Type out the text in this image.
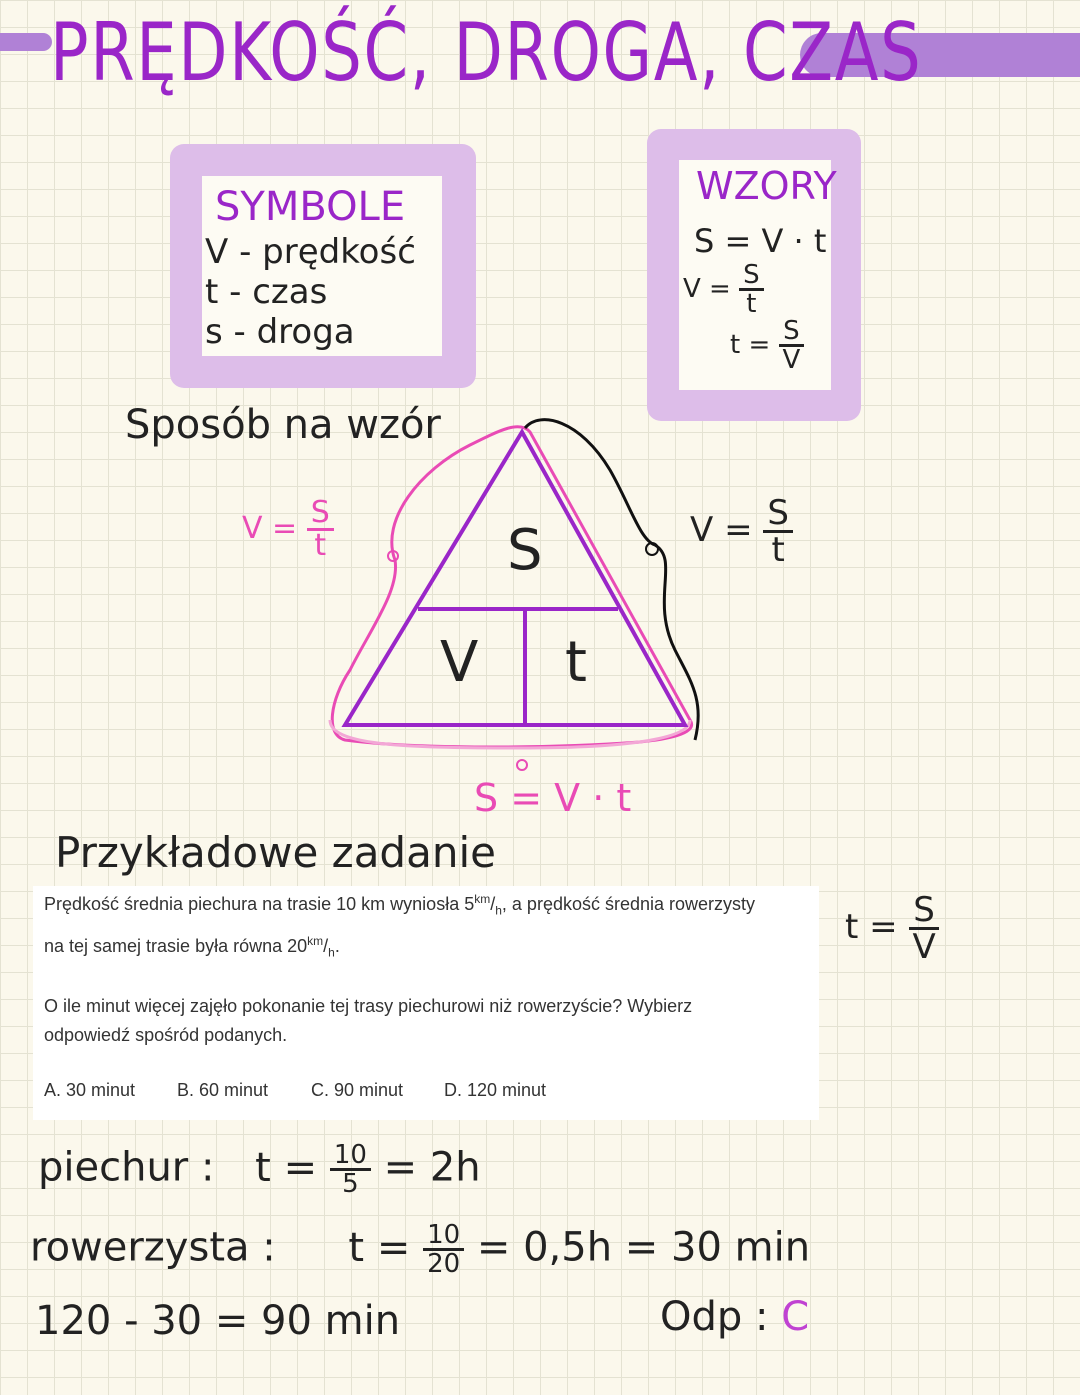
PRĘDKOŚĆ, DROGA, CZAS
SYMBOLE
V - prędkość
t - czas
s - droga
WZORY
S = V · t
$V = \frac{S}{t}$
$t = \frac{S}{V}$
Sposób na wzór
S
V t
$V = \frac{S}{t}$	$V = \frac{S}{t}$
S = V · t
Przykładowe zadanie
Prędkość średnia piechura na trasie 10 km wyniosła $5^{km}/_h$, a prędkość średnia rowerzysty
na tej samej trasie była równa $20^{km}/_h$.
O ile minut więcej zajęło pokonanie tej trasy piechurowi niż rowerzyście? Wybierz
odpowiedź spośród podanych.
A. 30 minut B. 60 minut C. 90 minut D. 120 minut
$t = \frac{S}{V}$
piechur : $t = \frac{10}{5} = 2h$
rowerzysta : $t = \frac{10}{20} = 0,5h = 30$ min
120 - 30 = 90 min	Odp : C
